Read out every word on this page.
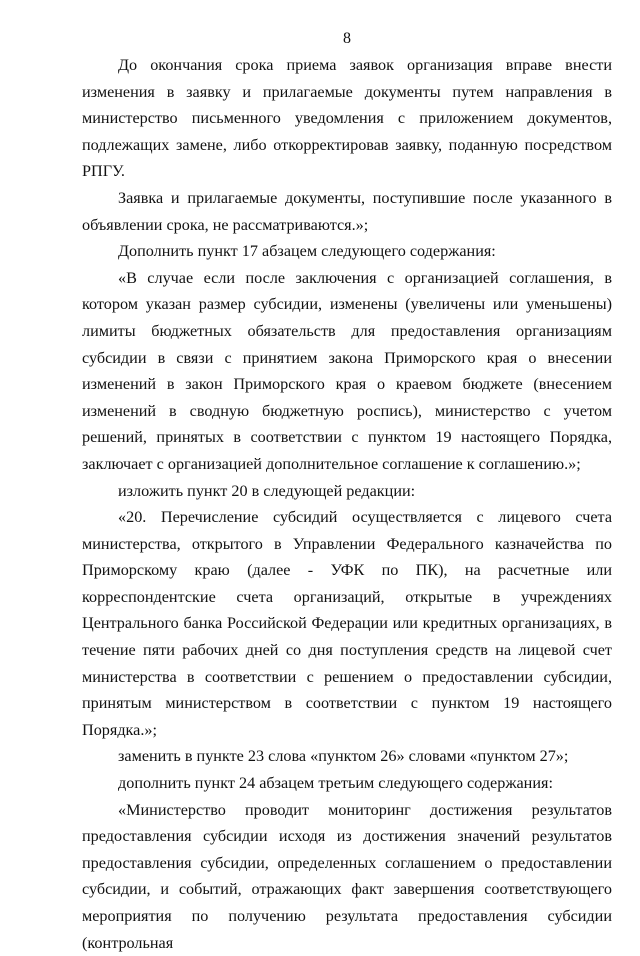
8

До окончания срока приема заявок организация вправе внести изменения в заявку и прилагаемые документы путем направления в министерство письменного уведомления с приложением документов, подлежащих замене, либо откорректировав заявку, поданную посредством РПГУ.

Заявка и прилагаемые документы, поступившие после указанного в объявлении срока, не рассматриваются.»;

Дополнить пункт 17 абзацем следующего содержания:

«В случае если после заключения с организацией соглашения, в котором указан размер субсидии, изменены (увеличены или уменьшены) лимиты бюджетных обязательств для предоставления организациям субсидии в связи с принятием закона Приморского края о внесении изменений в закон Приморского края о краевом бюджете (внесением изменений в сводную бюджетную роспись), министерство с учетом решений, принятых в соответствии с пунктом 19 настоящего Порядка, заключает с организацией дополнительное соглашение к соглашению.»;

изложить пункт 20 в следующей редакции:

«20. Перечисление субсидий осуществляется с лицевого счета министерства, открытого в Управлении Федерального казначейства по Приморскому краю (далее - УФК по ПК), на расчетные или корреспондентские счета организаций, открытые в учреждениях Центрального банка Российской Федерации или кредитных организациях, в течение пяти рабочих дней со дня поступления средств на лицевой счет министерства в соответствии с решением о предоставлении субсидии, принятым министерством в соответствии с пунктом 19 настоящего Порядка.»;

заменить в пункте 23 слова «пунктом 26» словами «пунктом 27»;

дополнить пункт 24 абзацем третьим следующего содержания:

«Министерство проводит мониторинг достижения результатов предоставления субсидии исходя из достижения значений результатов предоставления субсидии, определенных соглашением о предоставлении субсидии, и событий, отражающих факт завершения соответствующего мероприятия по получению результата предоставления субсидии (контрольная
